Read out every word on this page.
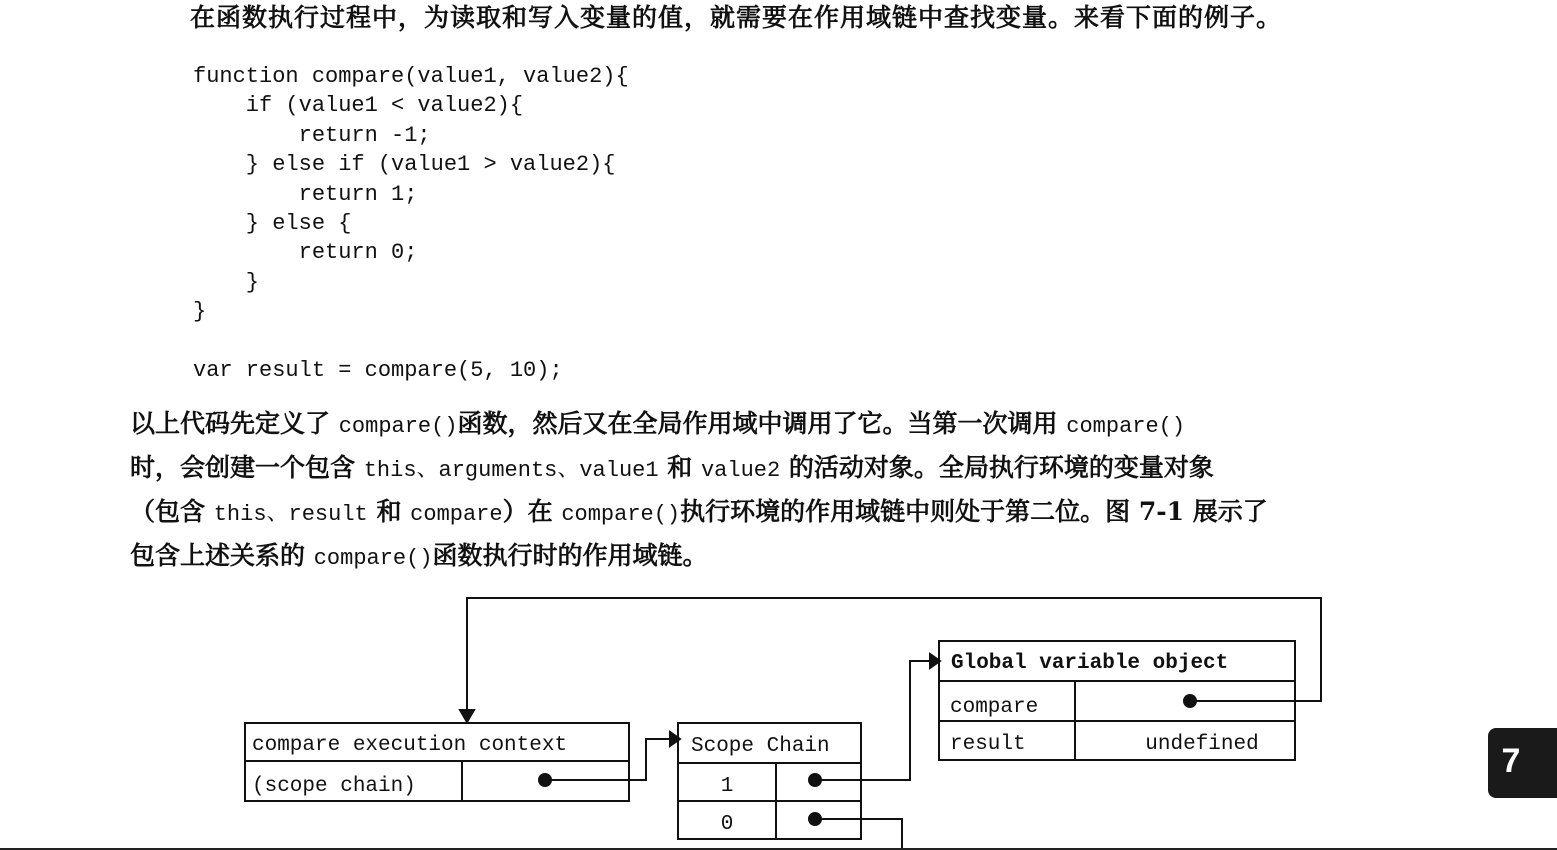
在函数执行过程中，为读取和写入变量的值，就需要在作用域链中查找变量。来看下面的例子。

function compare(value1, value2){
if (value1 < value2){
return -1;
} else if (value1 > value2){
return 1;
} else {
return 0;
}
}
var result = compare(5, 10);

以上代码先定义了 compare()函数，然后又在全局作用域中调用了它。当第一次调用 compare()

时，会创建一个包含 this、arguments、value1 和 value2 的活动对象。全局执行环境的变量对象

（包含 this、result 和 compare）在 compare()执行环境的作用域链中则处于第二位。图 7-1 展示了

包含上述关系的 compare()函数执行时的作用域链。

compare execution context
(scope chain)
Scope Chain
1
0
Global variable object
compare
result	undefined	7
